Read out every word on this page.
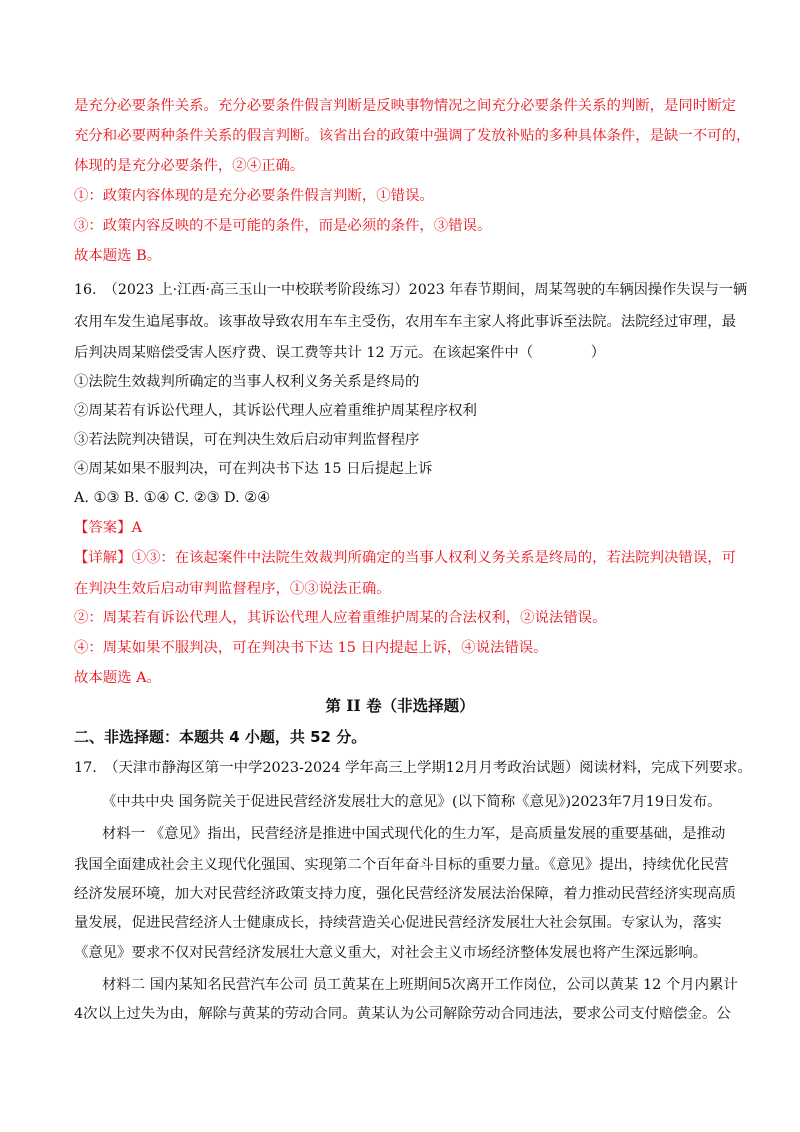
是充分必要条件关系。充分必要条件假言判断是反映事物情况之间充分必要条件关系的判断，是同时断定

充分和必要两种条件关系的假言判断。该省出台的政策中强调了发放补贴的多种具体条件，是缺一不可的，

体现的是充分必要条件，②④正确。

①：政策内容体现的是充分必要条件假言判断，①错误。

③：政策内容反映的不是可能的条件，而是必须的条件，③错误。

故本题选 B。

16.　（2023 上·江西·高三玉山一中校联考阶段练习）2023 年春节期间，周某驾驶的车辆因操作失误与一辆

农用车发生追尾事故。该事故导致农用车车主受伤，农用车车主家人将此事诉至法院。法院经过审理，最

后判决周某赔偿受害人医疗费、误工费等共计 12 万元。在该起案件中（　　　　）

①法院生效裁判所确定的当事人权利义务关系是终局的

②周某若有诉讼代理人，其诉讼代理人应着重维护周某程序权利

③若法院判决错误，可在判决生效后启动审判监督程序

④周某如果不服判决，可在判决书下达 15 日后提起上诉

A. ①③ B. ①④ C. ②③ D. ②④

【答案】A

【详解】①③：在该起案件中法院生效裁判所确定的当事人权利义务关系是终局的，若法院判决错误，可

在判决生效后启动审判监督程序，①③说法正确。

②：周某若有诉讼代理人，其诉讼代理人应着重维护周某的合法权利，②说法错误。

④：周某如果不服判决，可在判决书下达 15 日内提起上诉，④说法错误。

故本题选 A。

第 II 卷（非选择题）

二、非选择题：本题共 4 小题，共 52 分。

17.　（天津市静海区第一中学2023-2024 学年高三上学期12月月考政治试题）阅读材料，完成下列要求。

《中共中央 国务院关于促进民营经济发展壮大的意见》(以下简称《意见》)2023年7月19日发布。

材料一 《意见》指出，民营经济是推进中国式现代化的生力军，是高质量发展的重要基础，是推动

我国全面建成社会主义现代化强国、实现第二个百年奋斗目标的重要力量。《意见》提出，持续优化民营

经济发展环境，加大对民营经济政策支持力度，强化民营经济发展法治保障，着力推动民营经济实现高质

量发展，促进民营经济人士健康成长，持续营造关心促进民营经济发展壮大社会氛围。专家认为，落实

《意见》要求不仅对民营经济发展壮大意义重大，对社会主义市场经济整体发展也将产生深远影响。

材料二 国内某知名民营汽车公司 员工黄某在上班期间5次离开工作岗位，公司以黄某 12 个月内累计

4次以上过失为由，解除与黄某的劳动合同。黄某认为公司解除劳动合同违法，要求公司支付赔偿金。公
